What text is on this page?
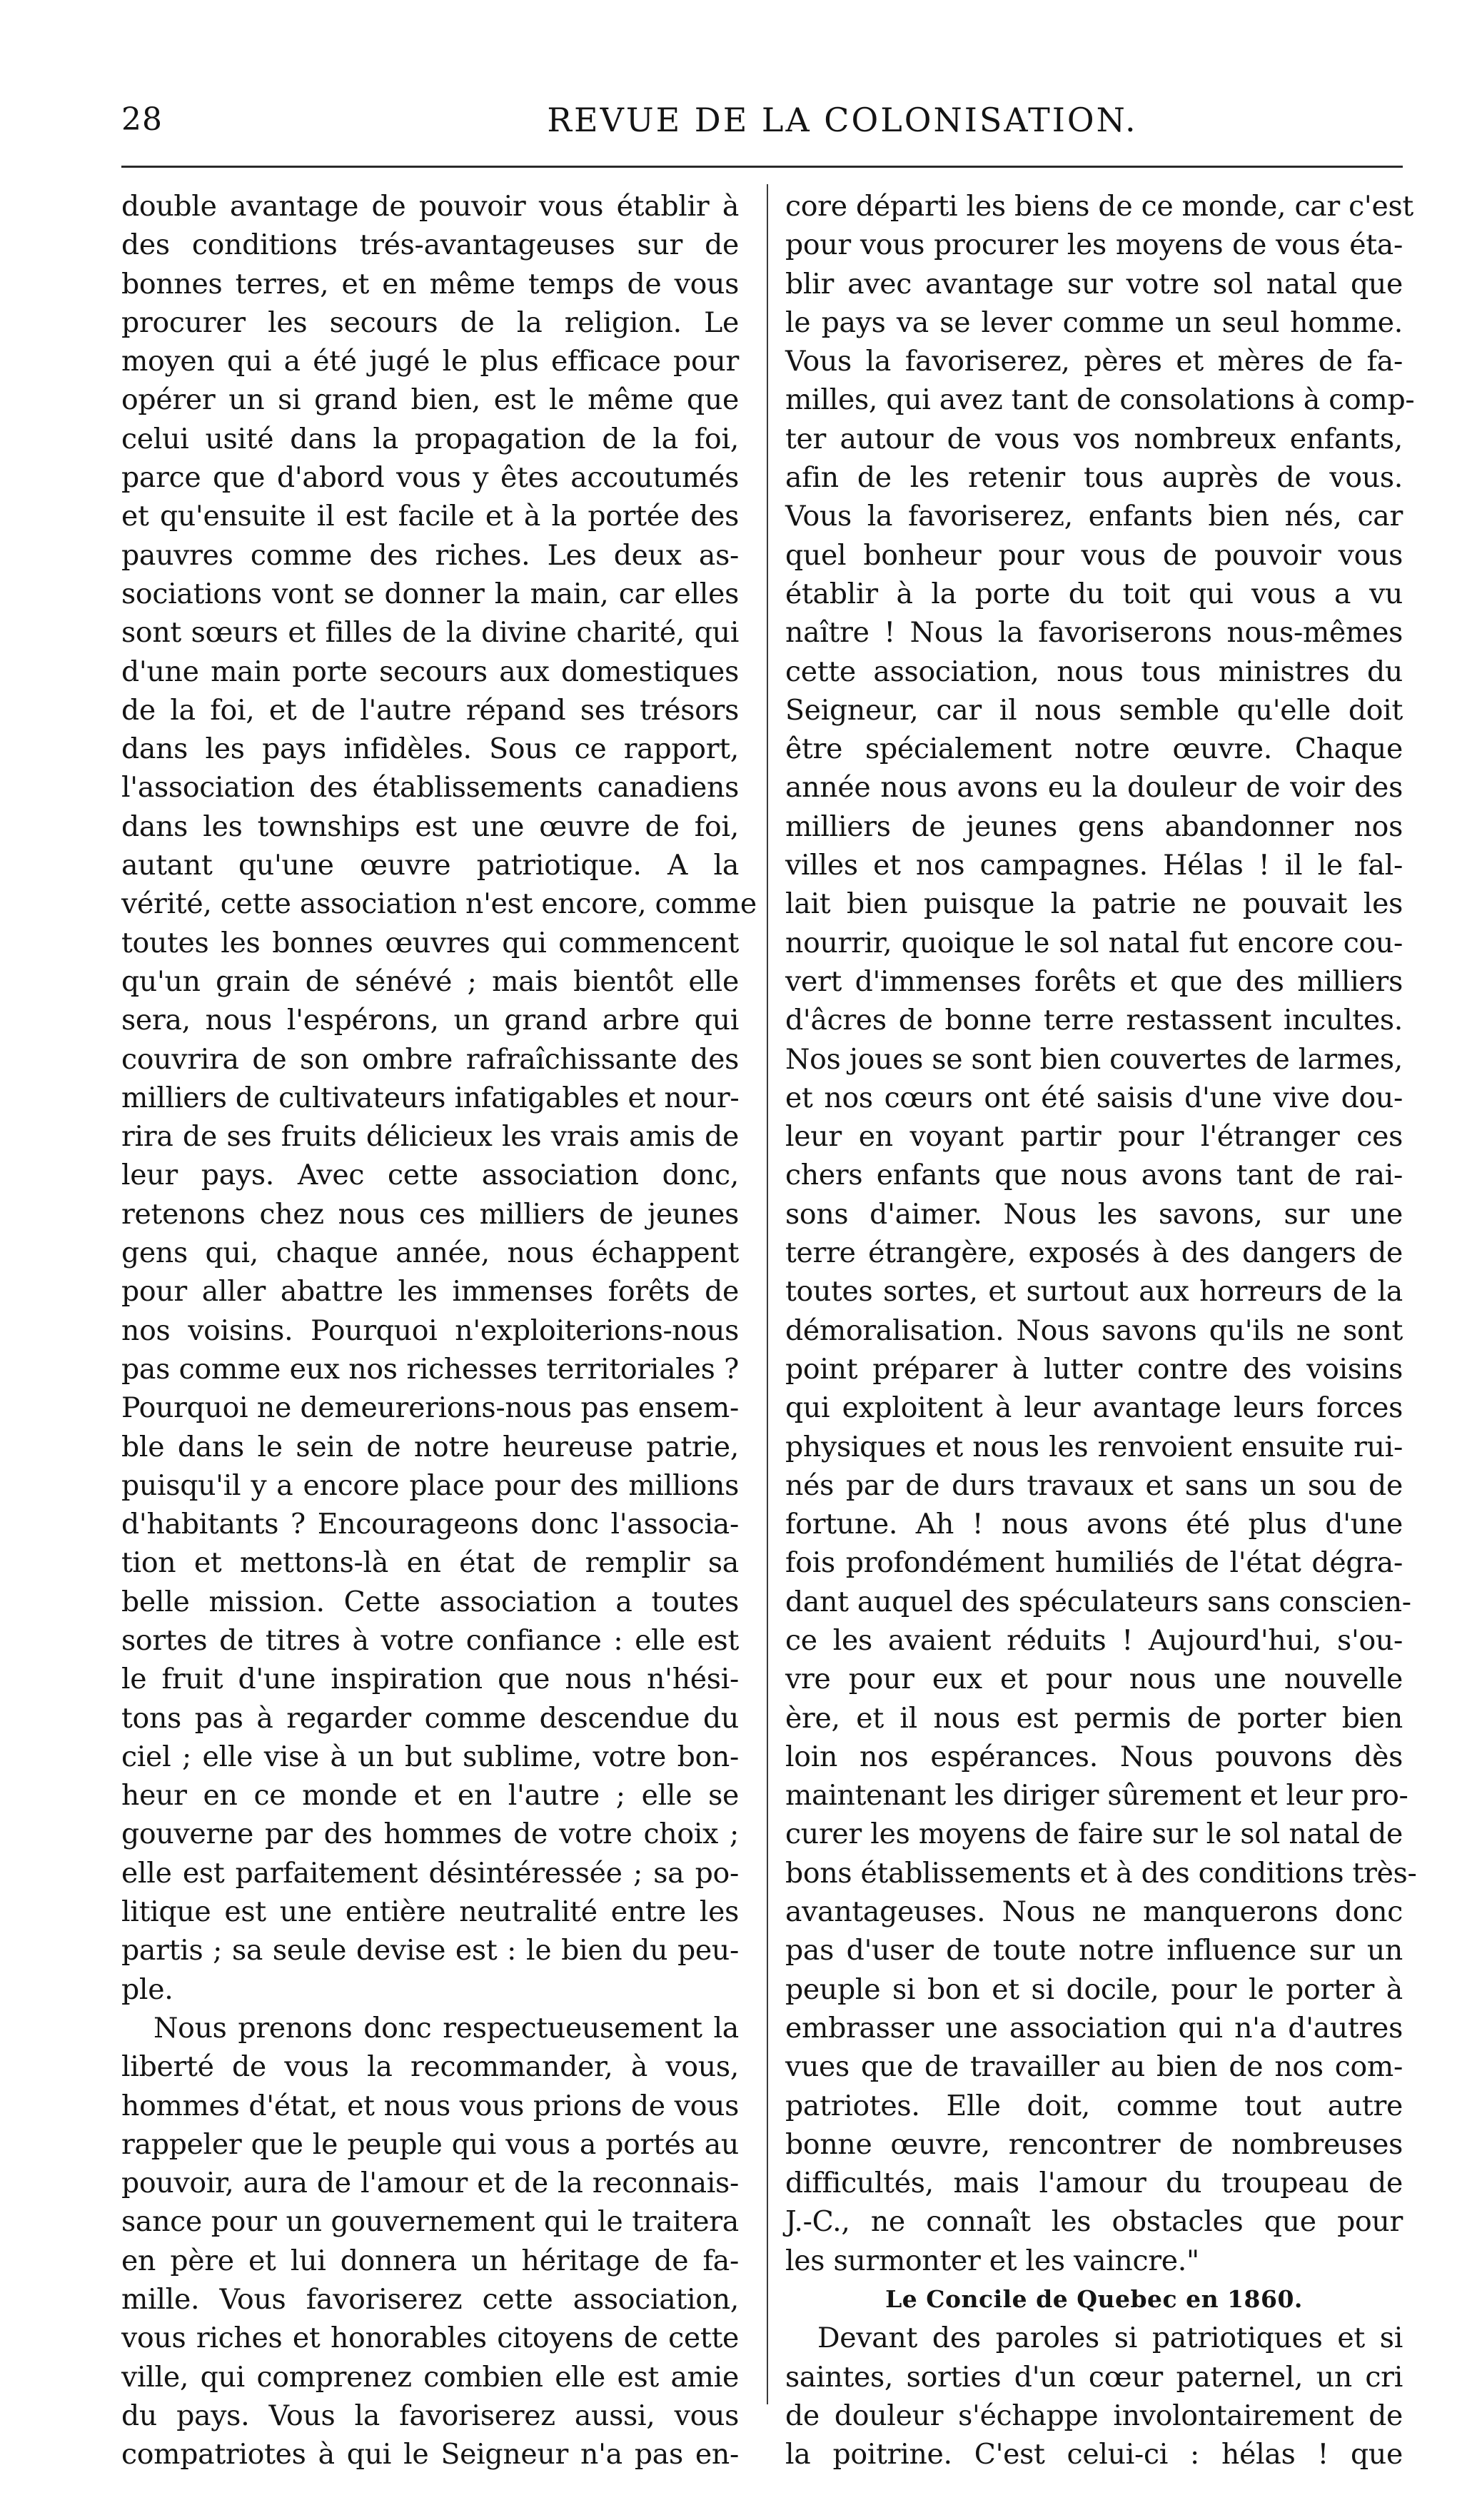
28	REVUE DE LA COLONISATION.
double avantage de pouvoir vous établir à
des conditions trés-avantageuses sur de
bonnes terres, et en même temps de vous
procurer les secours de la religion. Le
moyen qui a été jugé le plus efficace pour
opérer un si grand bien, est le même que
celui usité dans la propagation de la foi,
parce que d'abord vous y êtes accoutumés
et qu'ensuite il est facile et à la portée des
pauvres comme des riches. Les deux as-
sociations vont se donner la main, car elles
sont sœurs et filles de la divine charité, qui
d'une main porte secours aux domestiques
de la foi, et de l'autre répand ses trésors
dans les pays infidèles. Sous ce rapport,
l'association des établissements canadiens
dans les townships est une œuvre de foi,
autant qu'une œuvre patriotique. A la
vérité, cette association n'est encore, comme
toutes les bonnes œuvres qui commencent
qu'un grain de sénévé ; mais bientôt elle
sera, nous l'espérons, un grand arbre qui
couvrira de son ombre rafraîchissante des
milliers de cultivateurs infatigables et nour-
rira de ses fruits délicieux les vrais amis de
leur pays. Avec cette association donc,
retenons chez nous ces milliers de jeunes
gens qui, chaque année, nous échappent
pour aller abattre les immenses forêts de
nos voisins. Pourquoi n'exploiterions-nous
pas comme eux nos richesses territoriales ?
Pourquoi ne demeurerions-nous pas ensem-
ble dans le sein de notre heureuse patrie,
puisqu'il y a encore place pour des millions
d'habitants ? Encourageons donc l'associa-
tion et mettons-là en état de remplir sa
belle mission. Cette association a toutes
sortes de titres à votre confiance : elle est
le fruit d'une inspiration que nous n'hési-
tons pas à regarder comme descendue du
ciel ; elle vise à un but sublime, votre bon-
heur en ce monde et en l'autre ; elle se
gouverne par des hommes de votre choix ;
elle est parfaitement désintéressée ; sa po-
litique est une entière neutralité entre les
partis ; sa seule devise est : le bien du peu-
ple.
Nous prenons donc respectueusement la
liberté de vous la recommander, à vous,
hommes d'état, et nous vous prions de vous
rappeler que le peuple qui vous a portés au
pouvoir, aura de l'amour et de la reconnais-
sance pour un gouvernement qui le traitera
en père et lui donnera un héritage de fa-
mille. Vous favoriserez cette association,
vous riches et honorables citoyens de cette
ville, qui comprenez combien elle est amie
du pays. Vous la favoriserez aussi, vous
compatriotes à qui le Seigneur n'a pas en-
core départi les biens de ce monde, car c'est
pour vous procurer les moyens de vous éta-
blir avec avantage sur votre sol natal que
le pays va se lever comme un seul homme.
Vous la favoriserez, pères et mères de fa-
milles, qui avez tant de consolations à comp-
ter autour de vous vos nombreux enfants,
afin de les retenir tous auprès de vous.
Vous la favoriserez, enfants bien nés, car
quel bonheur pour vous de pouvoir vous
établir à la porte du toit qui vous a vu
naître ! Nous la favoriserons nous-mêmes
cette association, nous tous ministres du
Seigneur, car il nous semble qu'elle doit
être spécialement notre œuvre. Chaque
année nous avons eu la douleur de voir des
milliers de jeunes gens abandonner nos
villes et nos campagnes. Hélas ! il le fal-
lait bien puisque la patrie ne pouvait les
nourrir, quoique le sol natal fut encore cou-
vert d'immenses forêts et que des milliers
d'âcres de bonne terre restassent incultes.
Nos joues se sont bien couvertes de larmes,
et nos cœurs ont été saisis d'une vive dou-
leur en voyant partir pour l'étranger ces
chers enfants que nous avons tant de rai-
sons d'aimer. Nous les savons, sur une
terre étrangère, exposés à des dangers de
toutes sortes, et surtout aux horreurs de la
démoralisation. Nous savons qu'ils ne sont
point préparer à lutter contre des voisins
qui exploitent à leur avantage leurs forces
physiques et nous les renvoient ensuite rui-
nés par de durs travaux et sans un sou de
fortune. Ah ! nous avons été plus d'une
fois profondément humiliés de l'état dégra-
dant auquel des spéculateurs sans conscien-
ce les avaient réduits ! Aujourd'hui, s'ou-
vre pour eux et pour nous une nouvelle
ère, et il nous est permis de porter bien
loin nos espérances. Nous pouvons dès
maintenant les diriger sûrement et leur pro-
curer les moyens de faire sur le sol natal de
bons établissements et à des conditions très-
avantageuses. Nous ne manquerons donc
pas d'user de toute notre influence sur un
peuple si bon et si docile, pour le porter à
embrasser une association qui n'a d'autres
vues que de travailler au bien de nos com-
patriotes. Elle doit, comme tout autre
bonne œuvre, rencontrer de nombreuses
difficultés, mais l'amour du troupeau de
J.-C., ne connaît les obstacles que pour
les surmonter et les vaincre."
Le Concile de Quebec en 1860.
Devant des paroles si patriotiques et si
saintes, sorties d'un cœur paternel, un cri
de douleur s'échappe involontairement de
la poitrine. C'est celui-ci : hélas ! que
